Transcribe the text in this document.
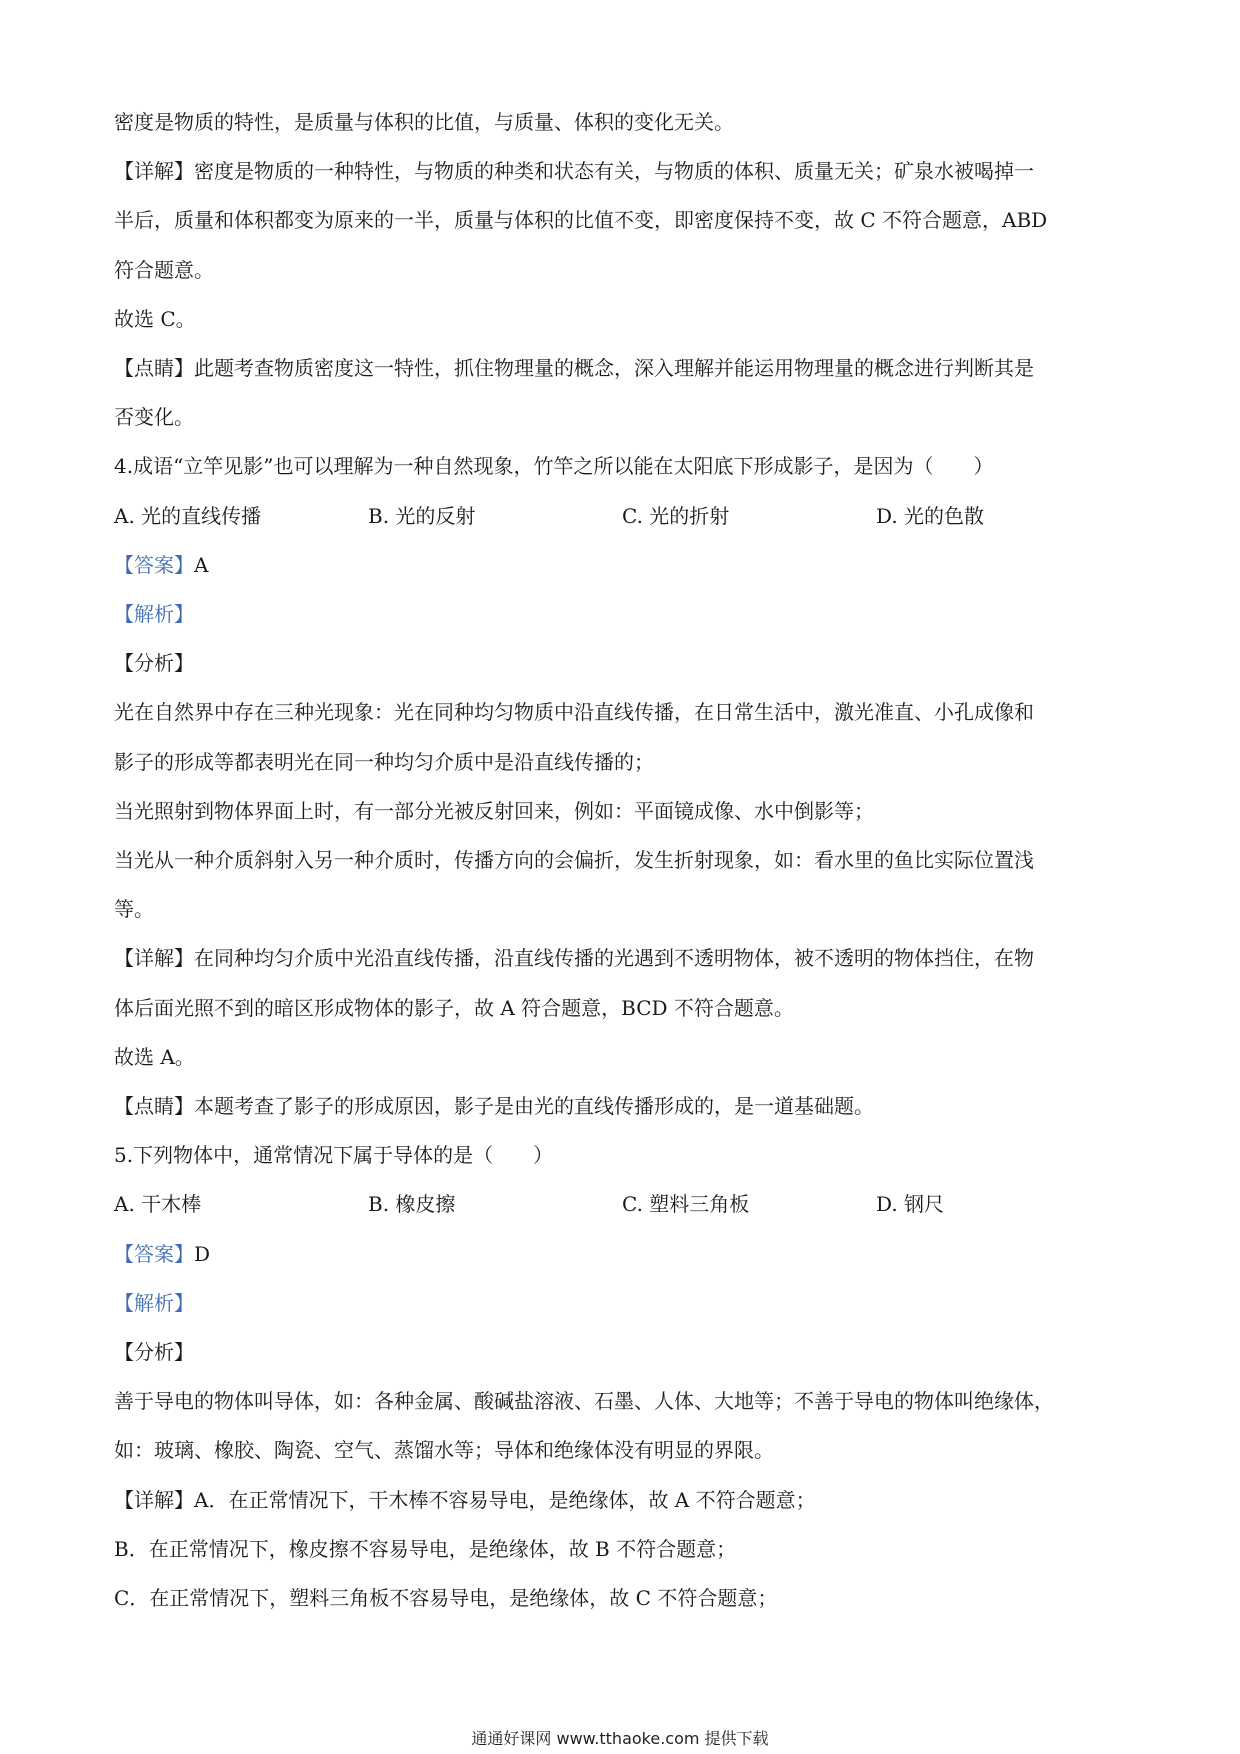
密度是物质的特性，是质量与体积的比值，与质量、体积的变化无关。

【详解】密度是物质的一种特性，与物质的种类和状态有关，与物质的体积、质量无关；矿泉水被喝掉一

半后，质量和体积都变为原来的一半，质量与体积的比值不变，即密度保持不变，故 C 不符合题意，ABD

符合题意。

故选 C。

【点睛】此题考查物质密度这一特性，抓住物理量的概念，深入理解并能运用物理量的概念进行判断其是

否变化。

4.成语“立竿见影”也可以理解为一种自然现象，竹竿之所以能在太阳底下形成影子，是因为（　　）

A. 光的直线传播	B. 光的反射	C. 光的折射	D. 光的色散

【答案】A

【解析】

【分析】

光在自然界中存在三种光现象：光在同种均匀物质中沿直线传播，在日常生活中，激光准直、小孔成像和

影子的形成等都表明光在同一种均匀介质中是沿直线传播的；

当光照射到物体界面上时，有一部分光被反射回来，例如：平面镜成像、水中倒影等；

当光从一种介质斜射入另一种介质时，传播方向的会偏折，发生折射现象，如：看水里的鱼比实际位置浅

等。

【详解】在同种均匀介质中光沿直线传播，沿直线传播的光遇到不透明物体，被不透明的物体挡住，在物

体后面光照不到的暗区形成物体的影子，故 A 符合题意，BCD 不符合题意。

故选 A。

【点睛】本题考查了影子的形成原因，影子是由光的直线传播形成的，是一道基础题。

5.下列物体中，通常情况下属于导体的是（　　）

A. 干木棒	B. 橡皮擦	C. 塑料三角板	D. 钢尺

【答案】D

【解析】

【分析】

善于导电的物体叫导体，如：各种金属、酸碱盐溶液、石墨、人体、大地等；不善于导电的物体叫绝缘体，

如：玻璃、橡胶、陶瓷、空气、蒸馏水等；导体和绝缘体没有明显的界限。

【详解】A．在正常情况下，干木棒不容易导电，是绝缘体，故 A 不符合题意；

B．在正常情况下，橡皮擦不容易导电，是绝缘体，故 B 不符合题意；

C．在正常情况下，塑料三角板不容易导电，是绝缘体，故 C 不符合题意；

通通好课网 www.tthaoke.com 提供下载
